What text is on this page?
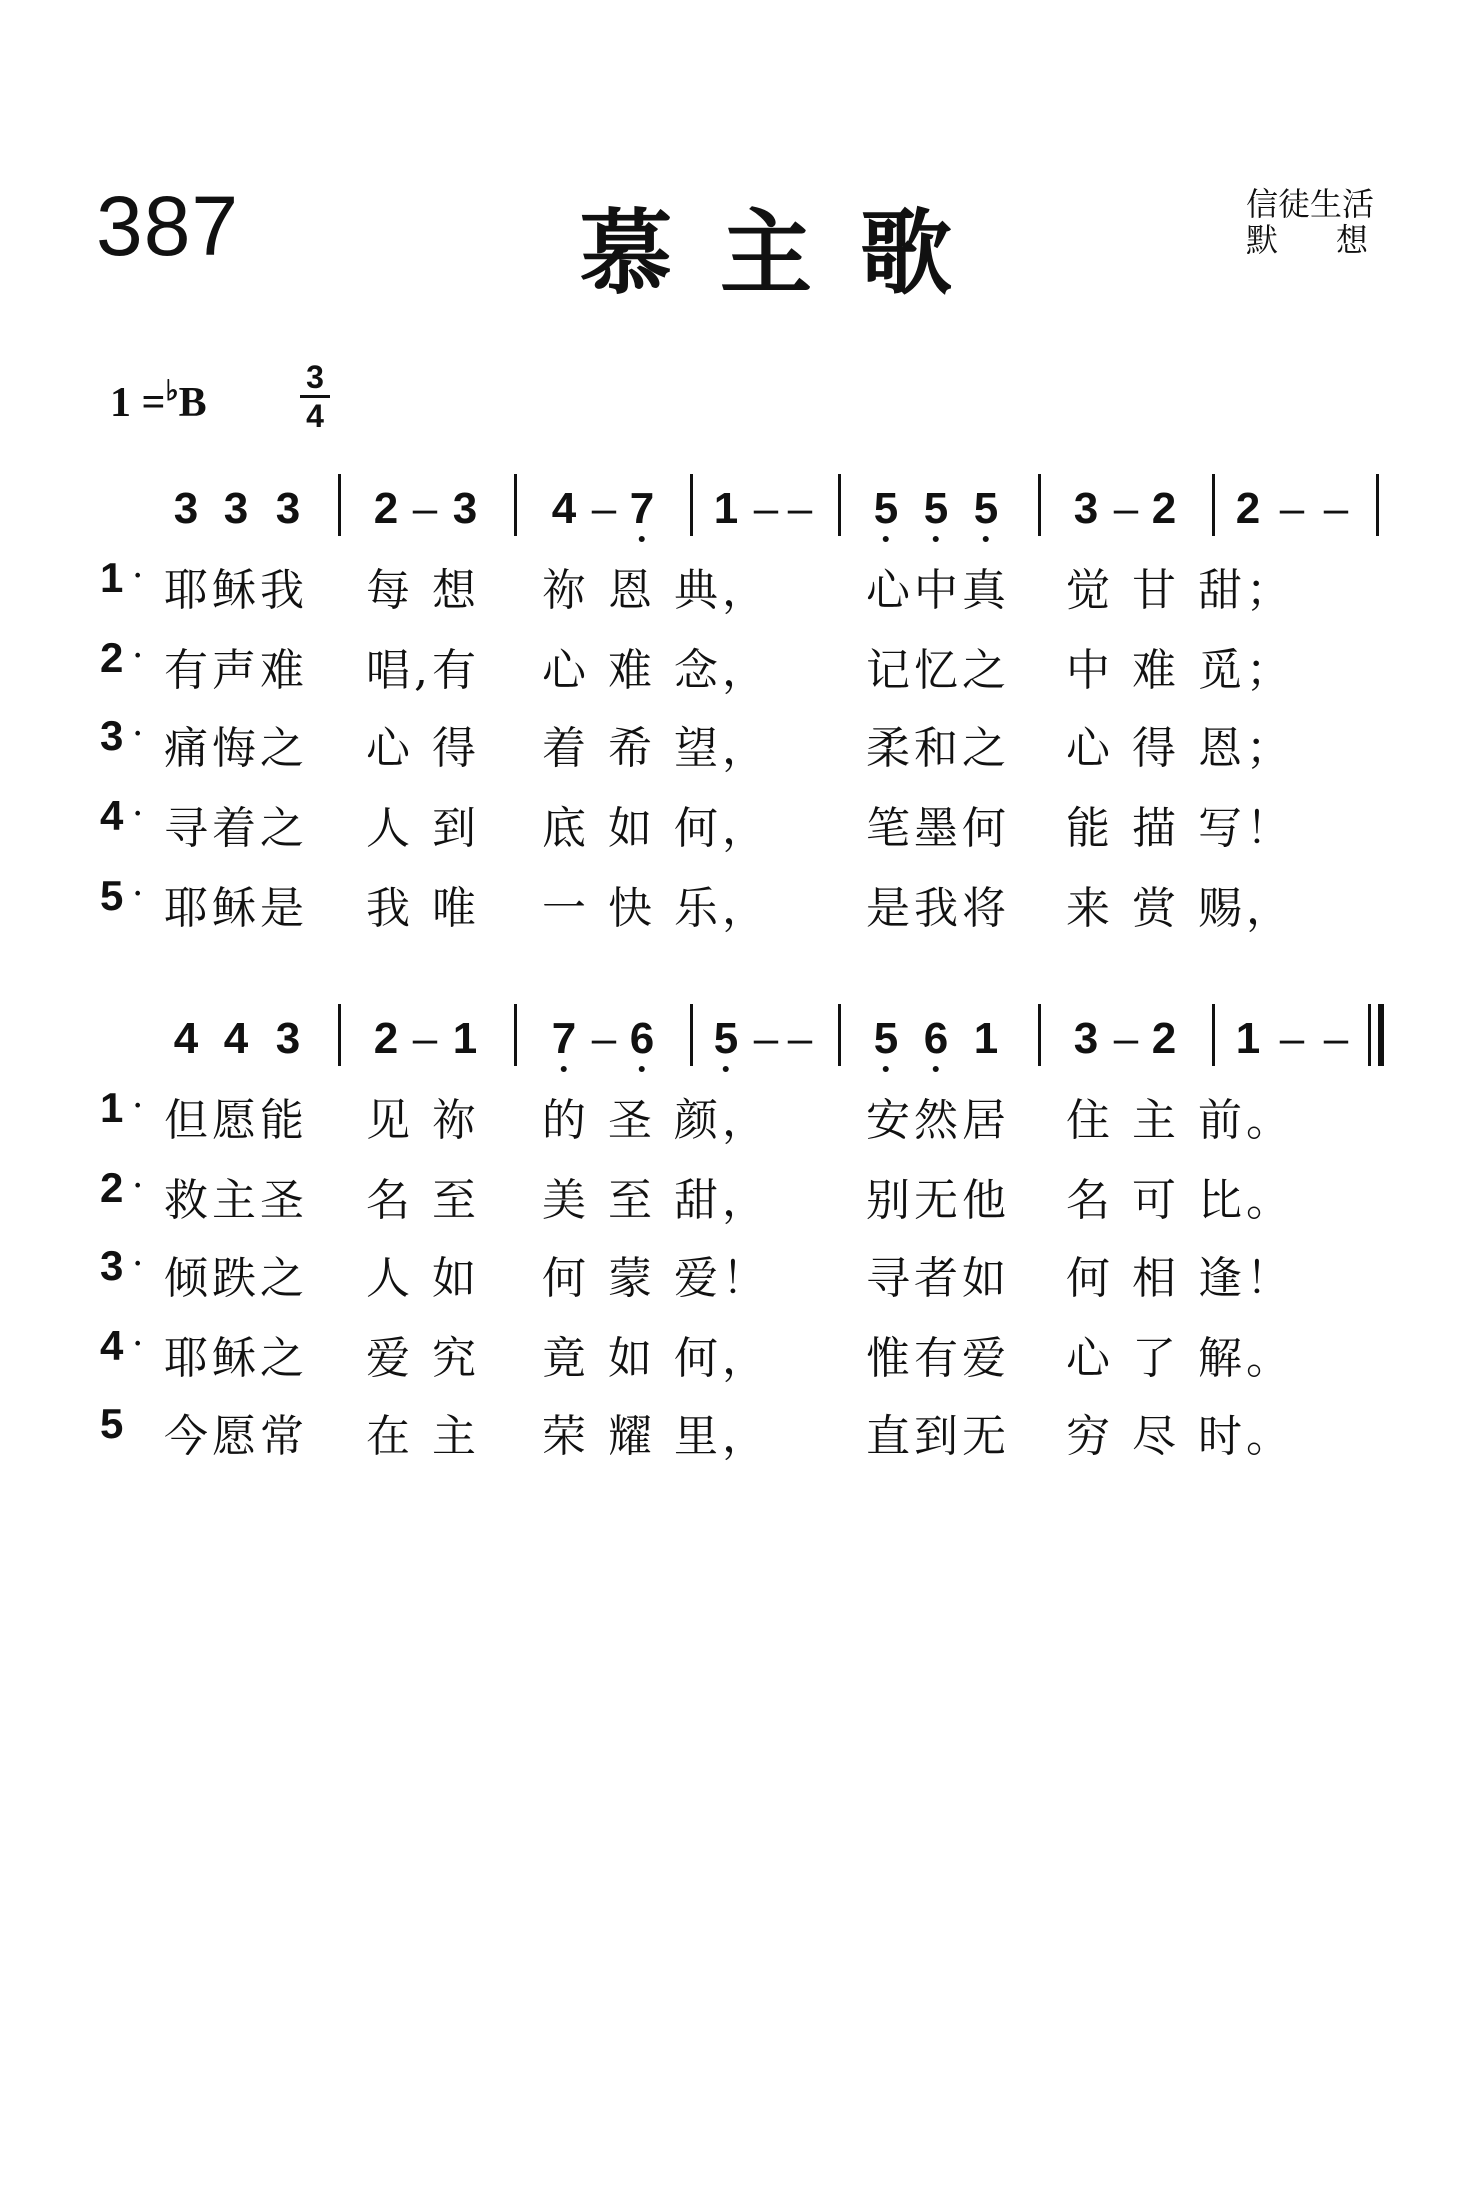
387	慕主歌	信徒生活
默想
1 =♭B
3
4
3 3 3 2 – 3 4 – 7 1 – – 5 5 5 3 – 2 2 – –
1 · 耶稣我 每 想 祢 恩 典， 心中真 觉 甘 甜；
2 · 有声难 唱,有 心 难 念， 记忆之 中 难 觅；
3 · 痛悔之 心 得 着 希 望， 柔和之 心 得 恩；
4 · 寻着之 人 到 底 如 何， 笔墨何 能 描 写！
5 · 耶稣是 我 唯 一 快 乐， 是我将 来 赏 赐，
4 4 3 2 – 1 7 – 6 5 – – 5 6 1 3 – 2 1 – –
1 · 但愿能 见 祢 的 圣 颜， 安然居 住 主 前。
2 · 救主圣 名 至 美 至 甜， 别无他 名 可 比。
3 · 倾跌之 人 如 何 蒙 爱！ 寻者如 何 相 逢！
4 · 耶稣之 爱 究 竟 如 何， 惟有爱 心 了 解。
5 今愿常 在 主 荣 耀 里， 直到无 穷 尽 时。
